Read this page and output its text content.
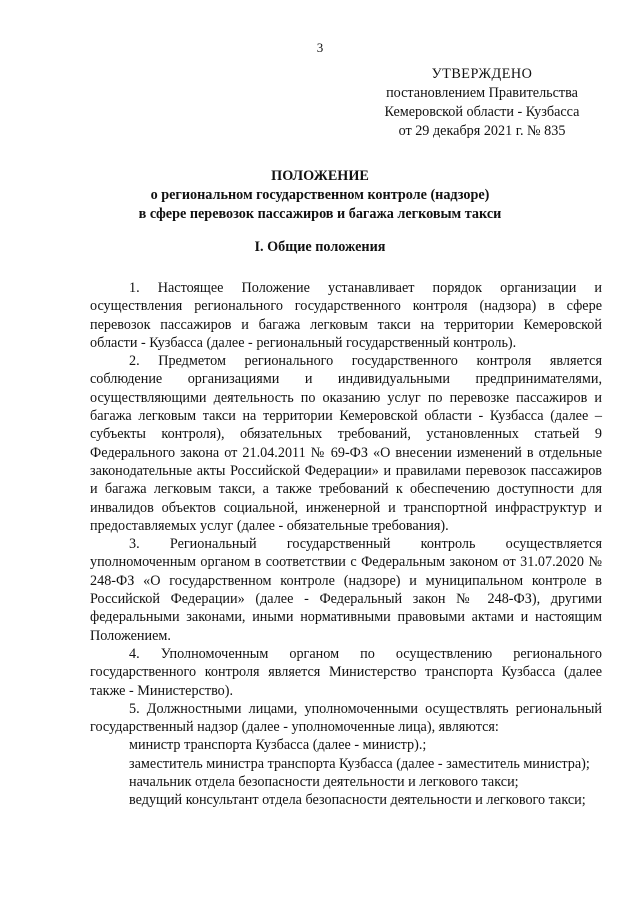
3
УТВЕРЖДЕНО
постановлением Правительства
Кемеровской области - Кузбасса
от 29 декабря 2021 г. № 835
ПОЛОЖЕНИЕ
о региональном государственном контроле (надзоре)
в сфере перевозок пассажиров и багажа легковым такси
I. Общие положения

1. Настоящее Положение устанавливает порядок организации и осуществления регионального государственного контроля (надзора) в сфере перевозок пассажиров и багажа легковым такси на территории Кемеровской области - Кузбасса (далее - региональный государственный контроль).

2. Предметом регионального государственного контроля является соблюдение организациями и индивидуальными предпринимателями, осуществляющими деятельность по оказанию услуг по перевозке пассажиров и багажа легковым такси на территории Кемеровской области - Кузбасса (далее – субъекты контроля), обязательных требований, установленных статьей 9 Федерального закона от 21.04.2011 № 69-ФЗ «О внесении изменений в отдельные законодательные акты Российской Федерации» и правилами перевозок пассажиров и багажа легковым такси, а также требований к обеспечению доступности для инвалидов объектов социальной, инженерной и транспортной инфраструктур и предоставляемых услуг (далее - обязательные требования).

3. Региональный государственный контроль осуществляется уполномоченным органом в соответствии с Федеральным законом от 31.07.2020 № 248-ФЗ «О государственном контроле (надзоре) и муниципальном контроле в Российской Федерации» (далее - Федеральный закон № 248-ФЗ), другими федеральными законами, иными нормативными правовыми актами и настоящим Положением.

4. Уполномоченным органом по осуществлению регионального государственного контроля является Министерство транспорта Кузбасса (далее также - Министерство).

5. Должностными лицами, уполномоченными осуществлять региональный государственный надзор (далее - уполномоченные лица), являются:

министр транспорта Кузбасса (далее - министр).;

заместитель министра транспорта Кузбасса (далее - заместитель министра);

начальник отдела безопасности деятельности и легкового такси;

ведущий консультант отдела безопасности деятельности и легкового такси;
